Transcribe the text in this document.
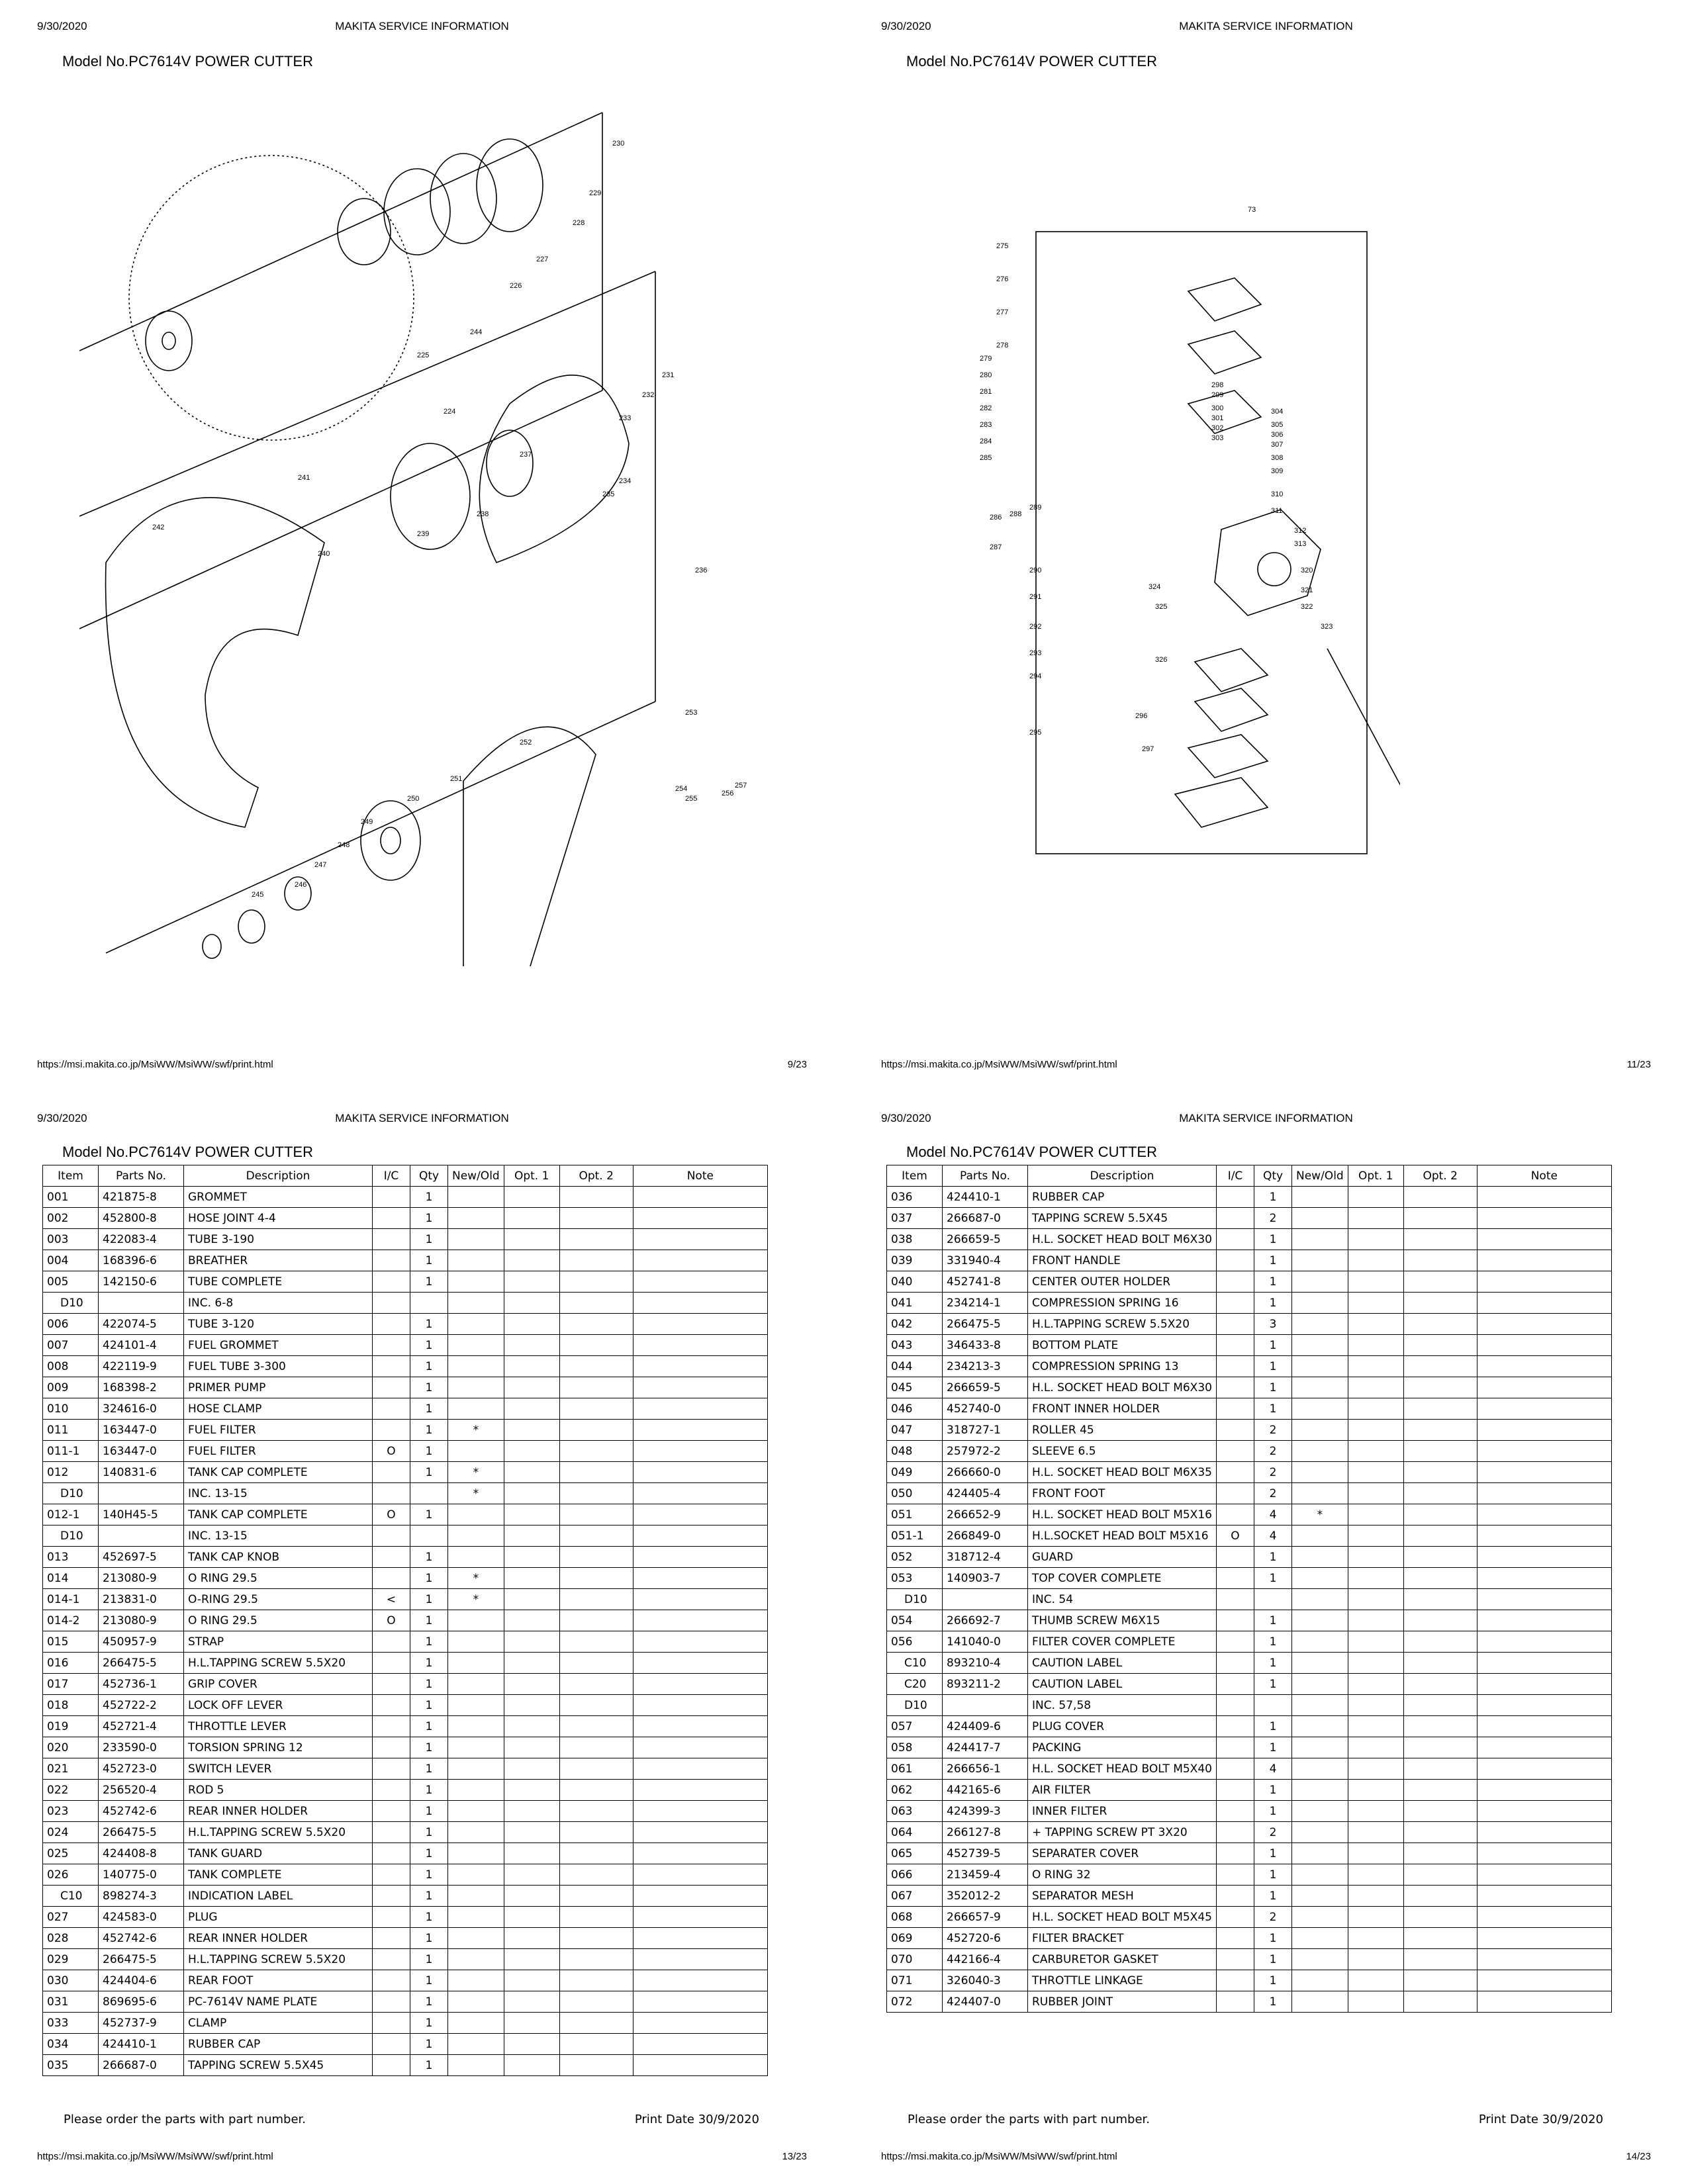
9/30/2020	MAKITA SERVICE INFORMATION
Model No.PC7614V POWER CUTTER
230
229
228
227
226
244
225
224
231
232
233
237
234
235
241
238
239
240
242
236
253
252
251
250
249
248
247
246
245
254
255
256
257
https://msi.makita.co.jp/MsiWW/MsiWW/swf/print.html	9/23
9/30/2020	MAKITA SERVICE INFORMATION
Model No.PC7614V POWER CUTTER
73
275
276
277
278
279
280
281
282
283
284
285
298
299
300
301
302
303
304
305
306
307
308
309
310
311
312
313
286 288
289
287
290
291
324
325
320
321
322
323
292
293
294
326
295
296
297
https://msi.makita.co.jp/MsiWW/MsiWW/swf/print.html	11/23
9/30/2020	MAKITA SERVICE INFORMATION
Model No.PC7614V POWER CUTTER
Item	Parts No.	Description	I/C	Qty	New/Old	Opt. 1	Opt. 2	Note
001	421875-8	GROMMET		1				
002	452800-8	HOSE JOINT 4-4		1				
003	422083-4	TUBE 3-190		1				
004	168396-6	BREATHER		1				
005	142150-6	TUBE COMPLETE		1				
D10		INC. 6-8						
006	422074-5	TUBE 3-120		1				
007	424101-4	FUEL GROMMET		1				
008	422119-9	FUEL TUBE 3-300		1				
009	168398-2	PRIMER PUMP		1				
010	324616-0	HOSE CLAMP		1				
011	163447-0	FUEL FILTER		1	*			
011-1	163447-0	FUEL FILTER	O	1				
012	140831-6	TANK CAP COMPLETE		1	*			
D10		INC. 13-15			*			
012-1	140H45-5	TANK CAP COMPLETE	O	1				
D10		INC. 13-15						
013	452697-5	TANK CAP KNOB		1				
014	213080-9	O RING 29.5		1	*			
014-1	213831-0	O-RING 29.5	<	1	*			
014-2	213080-9	O RING 29.5	O	1				
015	450957-9	STRAP		1				
016	266475-5	H.L.TAPPING SCREW 5.5X20		1				
017	452736-1	GRIP COVER		1				
018	452722-2	LOCK OFF LEVER		1				
019	452721-4	THROTTLE LEVER		1				
020	233590-0	TORSION SPRING 12		1				
021	452723-0	SWITCH LEVER		1				
022	256520-4	ROD 5		1				
023	452742-6	REAR INNER HOLDER		1				
024	266475-5	H.L.TAPPING SCREW 5.5X20		1				
025	424408-8	TANK GUARD		1				
026	140775-0	TANK COMPLETE		1				
C10	898274-3	INDICATION LABEL		1				
027	424583-0	PLUG		1				
028	452742-6	REAR INNER HOLDER		1				
029	266475-5	H.L.TAPPING SCREW 5.5X20		1				
030	424404-6	REAR FOOT		1				
031	869695-6	PC-7614V NAME PLATE		1				
033	452737-9	CLAMP		1				
034	424410-1	RUBBER CAP		1				
035	266687-0	TAPPING SCREW 5.5X45		1				
Please order the parts with part number.	Print Date 30/9/2020
https://msi.makita.co.jp/MsiWW/MsiWW/swf/print.html	13/23
9/30/2020	MAKITA SERVICE INFORMATION
Model No.PC7614V POWER CUTTER
Item	Parts No.	Description	I/C	Qty	New/Old	Opt. 1	Opt. 2	Note
036	424410-1	RUBBER CAP		1				
037	266687-0	TAPPING SCREW 5.5X45		2				
038	266659-5	H.L. SOCKET HEAD BOLT M6X30		1				
039	331940-4	FRONT HANDLE		1				
040	452741-8	CENTER OUTER HOLDER		1				
041	234214-1	COMPRESSION SPRING 16		1				
042	266475-5	H.L.TAPPING SCREW 5.5X20		3				
043	346433-8	BOTTOM PLATE		1				
044	234213-3	COMPRESSION SPRING 13		1				
045	266659-5	H.L. SOCKET HEAD BOLT M6X30		1				
046	452740-0	FRONT INNER HOLDER		1				
047	318727-1	ROLLER 45		2				
048	257972-2	SLEEVE 6.5		2				
049	266660-0	H.L. SOCKET HEAD BOLT M6X35		2				
050	424405-4	FRONT FOOT		2				
051	266652-9	H.L. SOCKET HEAD BOLT M5X16		4	*			
051-1	266849-0	H.L.SOCKET HEAD BOLT M5X16	O	4				
052	318712-4	GUARD		1				
053	140903-7	TOP COVER COMPLETE		1				
D10		INC. 54						
054	266692-7	THUMB SCREW M6X15		1				
056	141040-0	FILTER COVER COMPLETE		1				
C10	893210-4	CAUTION LABEL		1				
C20	893211-2	CAUTION LABEL		1				
D10		INC. 57,58						
057	424409-6	PLUG COVER		1				
058	424417-7	PACKING		1				
061	266656-1	H.L. SOCKET HEAD BOLT M5X40		4				
062	442165-6	AIR FILTER		1				
063	424399-3	INNER FILTER		1				
064	266127-8	+ TAPPING SCREW PT 3X20		2				
065	452739-5	SEPARATER COVER		1				
066	213459-4	O RING 32		1				
067	352012-2	SEPARATOR MESH		1				
068	266657-9	H.L. SOCKET HEAD BOLT M5X45		2				
069	452720-6	FILTER BRACKET		1				
070	442166-4	CARBURETOR GASKET		1				
071	326040-3	THROTTLE LINKAGE		1				
072	424407-0	RUBBER JOINT		1				
Please order the parts with part number.	Print Date 30/9/2020
https://msi.makita.co.jp/MsiWW/MsiWW/swf/print.html	14/23
